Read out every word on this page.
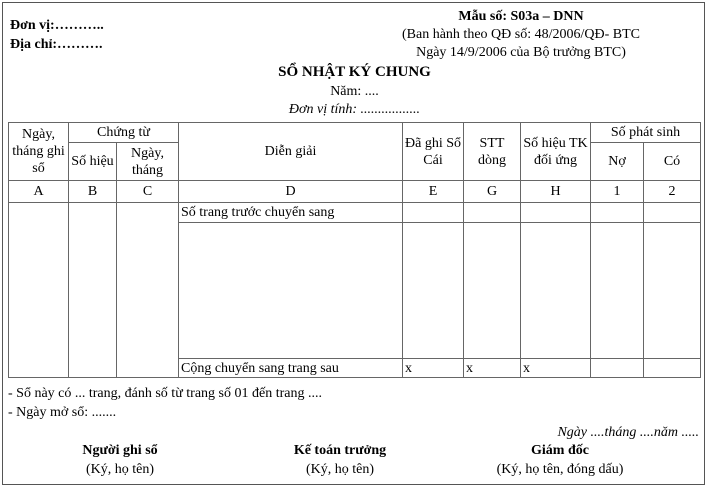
Đơn vị:………..
Địa chỉ:……….
Mẫu số: S03a – DNN
(Ban hành theo QĐ số: 48/2006/QĐ- BTC
Ngày 14/9/2006 của Bộ trưởng BTC)
SỔ NHẬT KÝ CHUNG
Năm: ....
Đơn vị tính: .................
Ngày, tháng ghi sổ	Chứng từ		Diễn giải	Đã ghi Sổ Cái	STT dòng	Số hiệu TK đối ứng	Số phát sinh	
	Số hiệu	Ngày, tháng					Nợ	Có
A	B	C	D	E	G	H	1	2
			Số trang trước chuyển sang					

			Cộng chuyển sang trang sau	x	x	x		
- Sổ này có ... trang, đánh số từ trang số 01 đến trang ....
- Ngày mở sổ: .......
Ngày ....tháng ....năm .....
Người ghi sổ
(Ký, họ tên)
Kế toán trưởng
(Ký, họ tên)
Giám đốc
(Ký, họ tên, đóng dấu)
